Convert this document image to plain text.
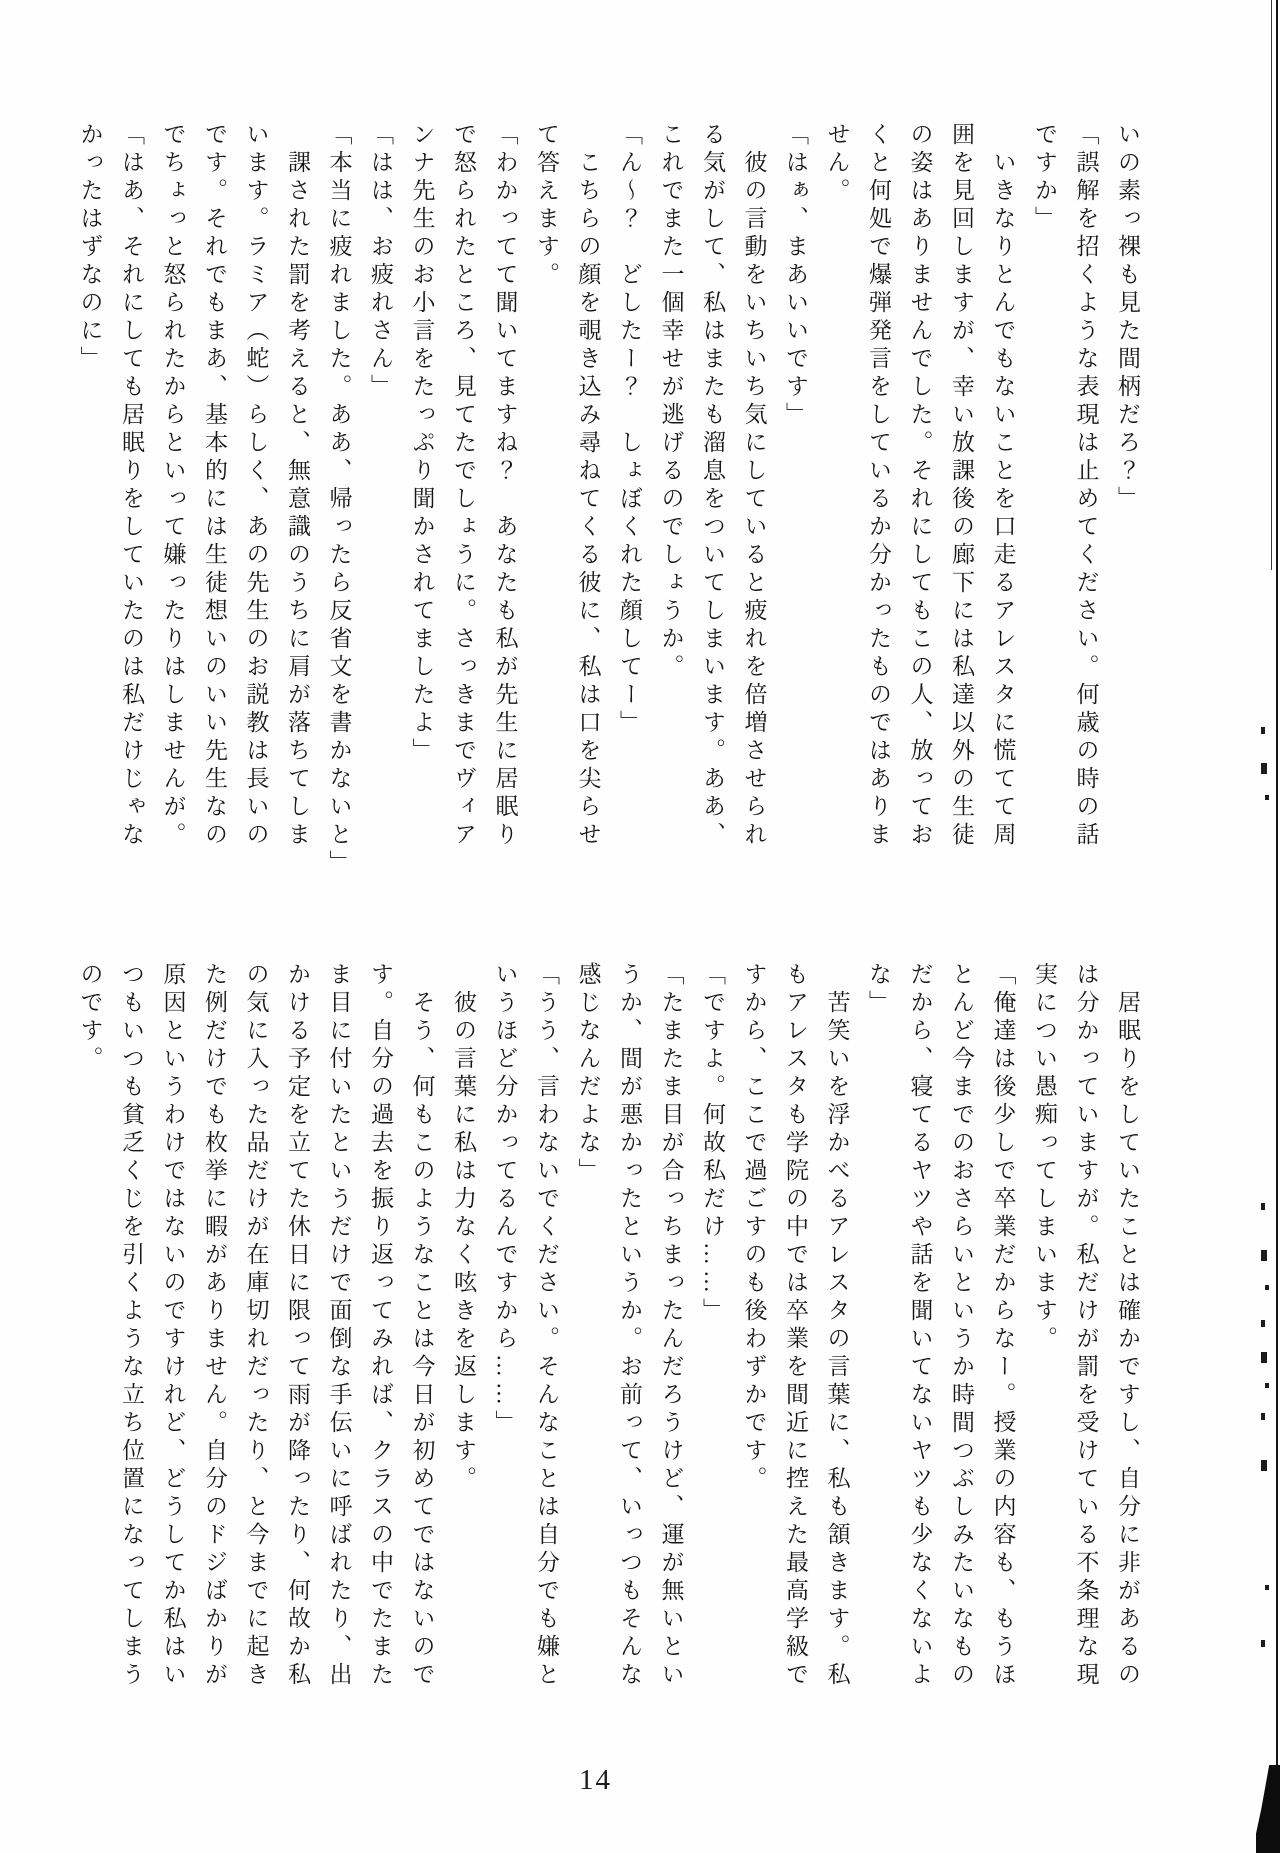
いの素っ裸も見た間柄だろ？」

「誤解を招くような表現は止めてください。何歳の時の話

ですか」

　いきなりとんでもないことを口走るアレスタに慌てて周

囲を見回しますが、幸い放課後の廊下には私達以外の生徒

の姿はありませんでした。それにしてもこの人、放ってお

くと何処で爆弾発言をしているか分かったものではありま

せん。

「はぁ、まあいいです」

　彼の言動をいちいち気にしていると疲れを倍増させられ

る気がして、私はまたも溜息をついてしまいます。ああ、

これでまた一個幸せが逃げるのでしょうか。

「ん〜？　どしたー？　しょぼくれた顔してー」

　こちらの顔を覗き込み尋ねてくる彼に、私は口を尖らせ

て答えます。

「わかってて聞いてますね？　あなたも私が先生に居眠り

で怒られたところ、見てたでしょうに。さっきまでヴィア

ンナ先生のお小言をたっぷり聞かされてましたよ」

「はは、お疲れさん」

「本当に疲れました。ああ、帰ったら反省文を書かないと」

　課された罰を考えると、無意識のうちに肩が落ちてしま

います。ラミア（蛇）らしく、あの先生のお説教は長いの

です。それでもまあ、基本的には生徒想いのいい先生なの

でちょっと怒られたからといって嫌ったりはしませんが。

「はあ、それにしても居眠りをしていたのは私だけじゃな

かったはずなのに」

　居眠りをしていたことは確かですし、自分に非があるの

は分かっていますが。私だけが罰を受けている不条理な現

実につい愚痴ってしまいます。

「俺達は後少しで卒業だからなー。授業の内容も、もうほ

とんど今までのおさらいというか時間つぶしみたいなもの

だから、寝てるヤツや話を聞いてないヤツも少なくないよ

な」

　苦笑いを浮かべるアレスタの言葉に、私も頷きます。私

もアレスタも学院の中では卒業を間近に控えた最高学級で

すから、ここで過ごすのも後わずかです。

「ですよ。何故私だけ……」

「たまたま目が合っちまったんだろうけど、運が無いとい

うか、間が悪かったというか。お前って、いっつもそんな

感じなんだよな」

「うう、言わないでください。そんなことは自分でも嫌と

いうほど分かってるんですから……」

　彼の言葉に私は力なく呟きを返します。

　そう、何もこのようなことは今日が初めてではないので

す。自分の過去を振り返ってみれば、クラスの中でたまた

ま目に付いたというだけで面倒な手伝いに呼ばれたり、出

かける予定を立てた休日に限って雨が降ったり、何故か私

の気に入った品だけが在庫切れだったり、と今までに起き

た例だけでも枚挙に暇がありません。自分のドジばかりが

原因というわけではないのですけれど、どうしてか私はい

つもいつも貧乏くじを引くような立ち位置になってしまう

のです。

14
